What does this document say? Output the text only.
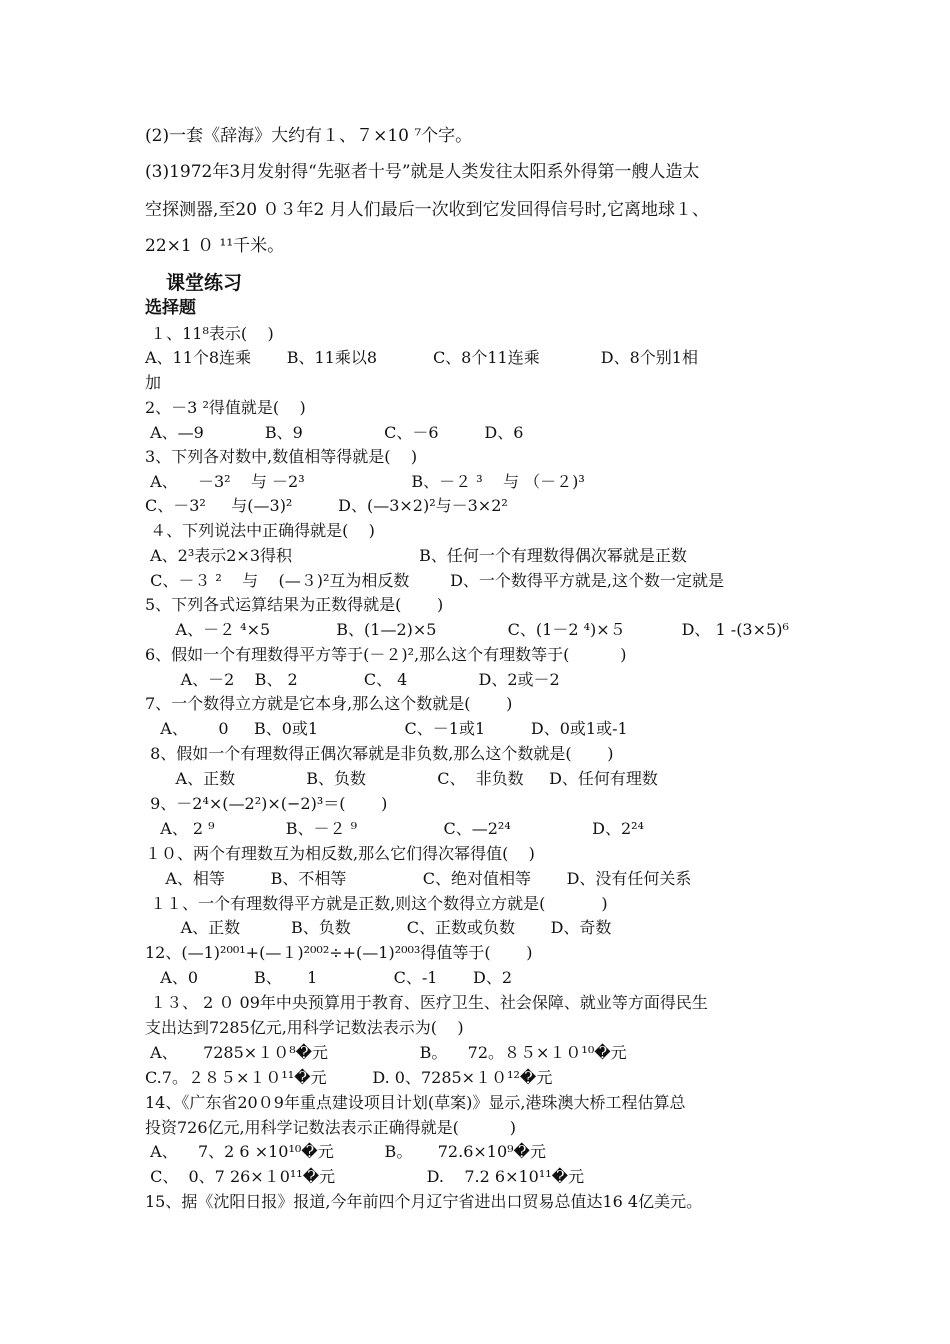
(2)一套《辞海》大约有１、７×10 ⁷个字。
(3)1972年3月发射得“先驱者十号”就是人类发往太阳系外得第一艘人造太
空探测器,至20 ０３年2 月人们最后一次收到它发回得信号时,它离地球１、
22×1 ０ ¹¹千米。
课堂练习
选择题
１、11⁸表示(    )
A、11个8连乘       B、11乘以8           C、8个11连乘            D、8个别1相
加
2、－3 ²得值就是(    )
A、—9            B、9                C、－6         D、6
3、下列各对数中,数值相等得就是(    )
A、    －3²    与 －2³                     B、－２ ³    与 （－２)³
C、－3²     与(—3)²         D、(—3×2)²与－3×2²
４、下列说法中正确得就是(    )
A、2³表示2×3得积                         B、任何一个有理数得偶次幂就是正数
C、－３ ²    与    (—３)²互为相反数        D、一个数得平方就是,这个数一定就是
5、下列各式运算结果为正数得就是(       )
A、－２ ⁴×5             B、(1—2)×5              C、(1－2 ⁴)×５           D、 1 -(3×5)⁶
6、假如一个有理数得平方等于(－２)²,那么这个有理数等于(          )
A、－2    B、 2             C、 4              D、2或－2
7、一个数得立方就是它本身,那么这个数就是(       )
A、      0     B、0或1                 C、－1或1         D、0或1或-1
8、假如一个有理数得正偶次幂就是非负数,那么这个数就是(       )
A、正数              B、负数              C、  非负数     D、任何有理数
9、－2⁴×(—2²)×(−2)³＝(       )
A、 2 ⁹              B、－２ ⁹                 C、—2²⁴                D、2²⁴
１０、两个有理数互为相反数,那么它们得次幂得值(    )
A、相等         B、不相等               C、绝对值相等       D、没有任何关系
１１、一个有理数得平方就是正数,则这个数得立方就是(           )
A、正数          B、负数           C、正数或负数       D、奇数
12、(—1)²⁰⁰¹+(—１)²⁰⁰²÷+(—1)²⁰⁰³得值等于(       )
A、0           B、     1               C、-1       D、2
１３、 2 ０ 09年中央预算用于教育、医疗卫生、社会保障、就业等方面得民生
支出达到7285亿元,用科学记数法表示为(    )
A、     7285×１０⁸�元                  B。    72。８５×１０¹⁰�元
C.7。２８５×１０¹¹�元         D. 0、7285×１０¹²�元
14、《广东省20０9年重点建设项目计划(草案)》显示,港珠澳大桥工程估算总
投资726亿元,用科学记数法表示正确得就是(          )
A、    7、2 6 ×10¹⁰�元          B。     72.6×10⁹�元
C、  0、7 26×１0¹¹�元                  D.    7.2 6×10¹¹�元
15、据《沈阳日报》报道,今年前四个月辽宁省进出口贸易总值达16 4亿美元。
